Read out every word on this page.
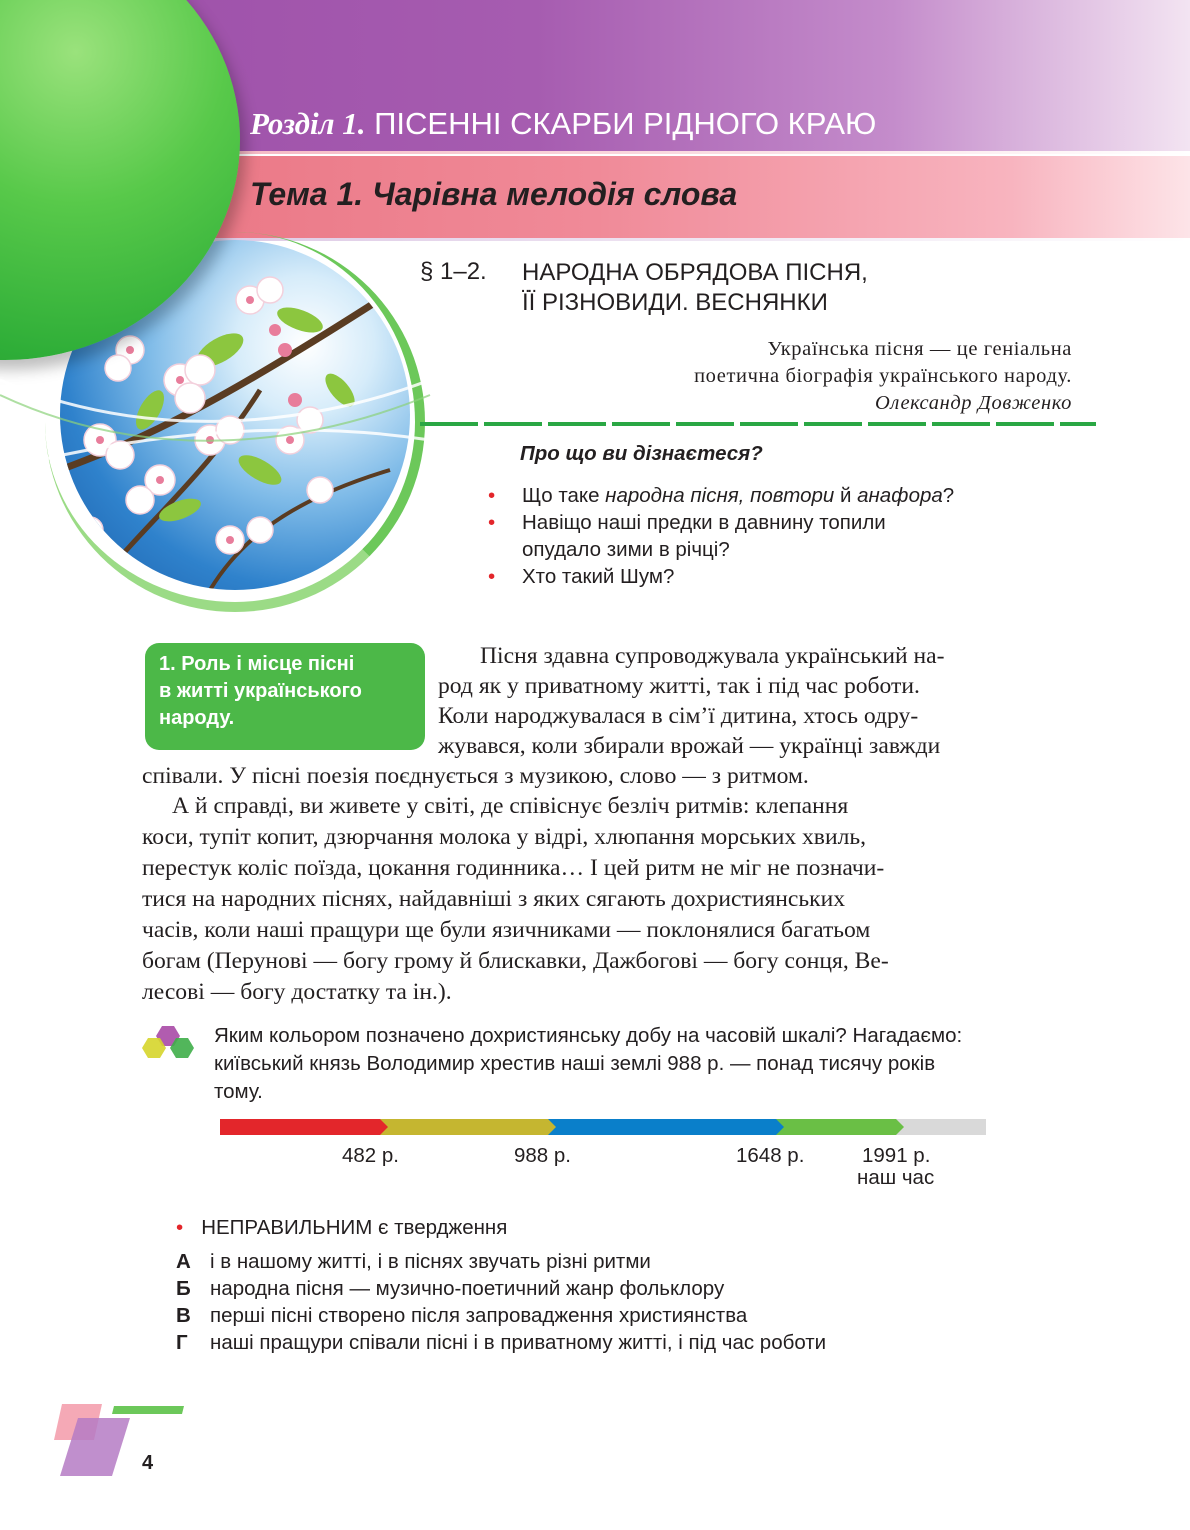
Розділ 1. ПІСЕННІ СКАРБИ РІДНОГО КРАЮ
Тема 1. Чарівна мелодія слова
§ 1–2. НАРОДНА ОБРЯДОВА ПІСНЯ,
ЇЇ РІЗНОВИДИ. ВЕСНЯНКИ
Українська пісня — це геніальна
поетична біографія українського народу.
Олександр Довженко
Про що ви дізнаєтеся?
• Що таке народна пісня, повтори й анафора?
• Навіщо наші предки в давнину топили
опудало зими в річці?
• Хто такий Шум?
1. Роль і місце пісні
в житті українського
народу.
Пісня здавна супроводжувала український на-
род як у приватному житті, так і під час роботи.
Коли народжувалася в сім’ї дитина, хтось одру-
жувався, коли збирали врожай — українці завжди
співали. У пісні поезія поєднується з музикою, слово — з ритмом.
А й справді, ви живете у світі, де співіснує безліч ритмів: клепання
коси, тупіт копит, дзюрчання молока у відрі, хлюпання морських хвиль,
перестук коліс поїзда, цокання годинника… І цей ритм не міг не позначи-
тися на народних піснях, найдавніші з яких сягають дохристиянських
часів, коли наші пращури ще були язичниками — поклонялися багатьом
богам (Перунові — богу грому й блискавки, Дажбогові — богу сонця, Ве-
лесові — богу достатку та ін.).
Яким кольором позначено дохристиянську добу на часовій шкалі? Нагадаємо:
київський князь Володимир хрестив наші землі 988 р. — понад тисячу років
тому.
482 р.	988 р.	1648 р.	1991 р.
наш час
• НЕПРАВИЛЬНИМ є твердження
А і в нашому житті, і в піснях звучать різні ритми
Б народна пісня — музично-поетичний жанр фольклору
В перші пісні створено після запровадження християнства
Г наші пращури співали пісні і в приватному житті, і під час роботи
4
